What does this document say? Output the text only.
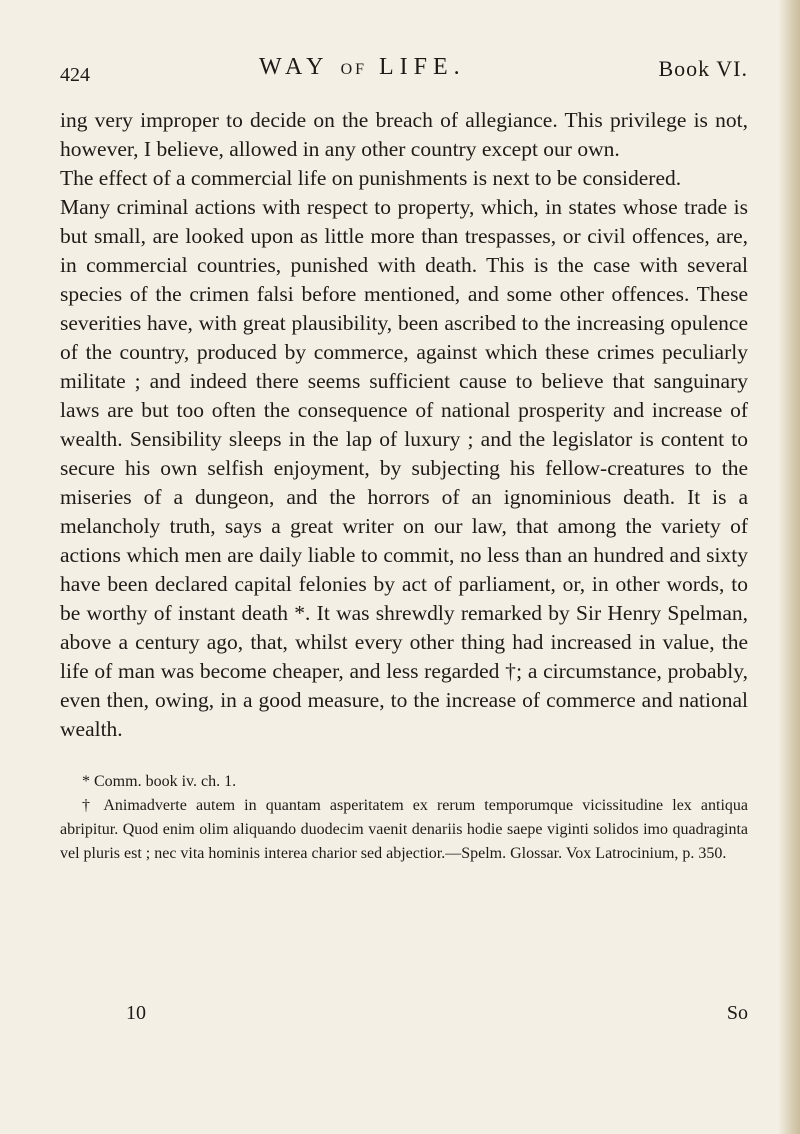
424	WAY OF LIFE.	Book VI.

ing very improper to decide on the breach of allegiance. This privilege is not, however, I believe, allowed in any other country except our own.

The effect of a commercial life on punishments is next to be considered.

Many criminal actions with respect to property, which, in states whose trade is but small, are looked upon as little more than trespasses, or civil offences, are, in commercial countries, punished with death. This is the case with several species of the crimen falsi before mentioned, and some other offences. These severities have, with great plausibility, been ascribed to the increasing opulence of the country, produced by commerce, against which these crimes peculiarly militate ; and indeed there seems sufficient cause to believe that sanguinary laws are but too often the consequence of national prosperity and increase of wealth. Sensibility sleeps in the lap of luxury ; and the legislator is content to secure his own selfish enjoyment, by subjecting his fellow-creatures to the miseries of a dungeon, and the horrors of an ignominious death. It is a melancholy truth, says a great writer on our law, that among the variety of actions which men are daily liable to commit, no less than an hundred and sixty have been declared capital felonies by act of parliament, or, in other words, to be worthy of instant death *. It was shrewdly remarked by Sir Henry Spelman, above a century ago, that, whilst every other thing had increased in value, the life of man was become cheaper, and less regarded †; a circumstance, probably, even then, owing, in a good measure, to the increase of commerce and national wealth.

* Comm. book iv. ch. 1.

† Animadverte autem in quantam asperitatem ex rerum temporumque vicissitudine lex antiqua abripitur. Quod enim olim aliquando duodecim vaenit denariis hodie saepe viginti solidos imo quadraginta vel pluris est ; nec vita hominis interea charior sed abjectior.—Spelm. Glossar. Vox Latrocinium, p. 350.

10	So
